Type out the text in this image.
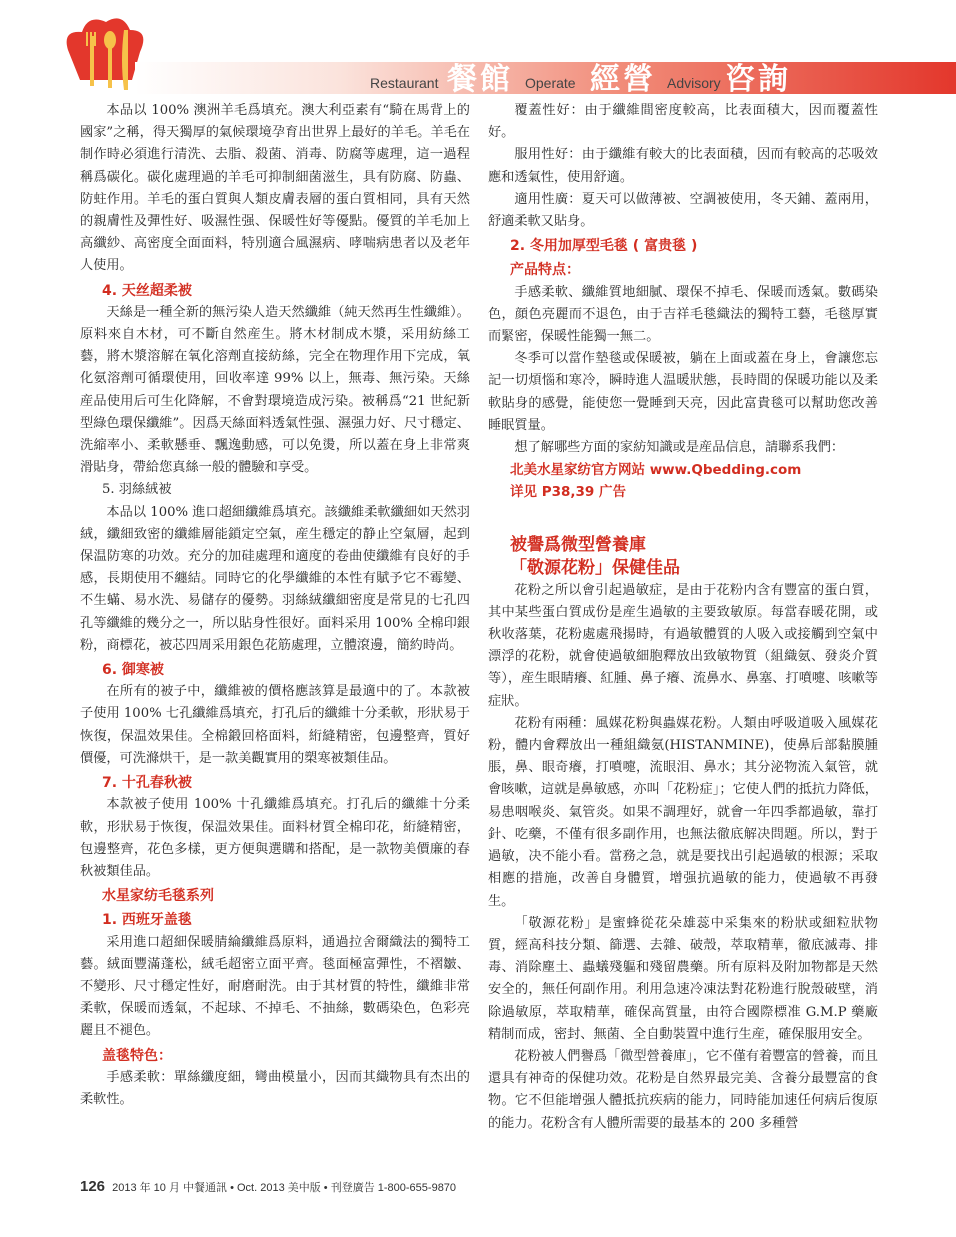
Restaurant 餐館 Operate 經營 Advisory 咨詢

本品以 100% 澳洲羊毛爲填充。澳大利亞素有“騎在馬背上的國家”之稱，得天獨厚的氣候環境孕育出世界上最好的羊毛。羊毛在制作時必須進行清洗、去脂、殺菌、消毒、防腐等處理，這一過程稱爲碳化。碳化處理過的羊毛可抑制細菌滋生，具有防腐、防蟲、防蛀作用。羊毛的蛋白質與人類皮膚表層的蛋白質相同，具有天然的親膚性及彈性好、吸濕性强、保暖性好等優點。優質的羊毛加上高纖紗、高密度全面面料，特別適合風濕病、哮喘病患者以及老年人使用。

4. 天丝超柔被

天絲是一種全新的無污染人造天然纖維（純天然再生性纖維）。原料來自木材，可不斷自然産生。將木材制成木漿，采用紡絲工藝，將木漿溶解在氧化溶劑直接紡絲，完全在物理作用下完成，氧化氨溶劑可循環使用，回收率達 99% 以上，無毒、無污染。天絲産品使用后可生化降解，不會對環境造成污染。被稱爲“21 世紀新型綠色環保纖維”。因爲天絲面料透氣性强、濕强力好、尺寸穩定、洗縮率小、柔軟懸垂、飄逸動感，可以免燙，所以蓋在身上非常爽滑貼身，帶給您真絲一般的體驗和享受。

5. 羽絲絨被

本品以 100% 進口超細纖維爲填充。該纖維柔軟纖細如天然羽絨，纖細致密的纖維層能鎖定空氣，産生穩定的静止空氣層，起到保温防寒的功效。充分的加硅處理和適度的卷曲使纖維有良好的手感，長期使用不纏結。同時它的化學纖維的本性有賦予它不霉變、不生蟎、易水洗、易儲存的優勢。羽絲絨纖細密度是常見的七孔四孔等纖維的幾分之一，所以貼身性很好。面料采用 100% 全棉印銀粉，商標花，被芯四周采用銀色花筋處理，立體滾邊，簡約時尚。

6. 御寒被

在所有的被子中，纖維被的價格應該算是最適中的了。本款被子使用 100% 七孔纖維爲填充，打孔后的纖維十分柔軟，形狀易于恢復，保温效果佳。全棉鍛回格面料，絎縫精密，包邊整齊，質好價優，可洗滌烘干，是一款美觀實用的槊寒被類佳品。

7. 十孔春秋被

本款被子使用 100% 十孔纖維爲填充。打孔后的纖維十分柔軟，形狀易于恢復，保温效果佳。面料材質全棉印花，絎縫精密，包邊整齊，花色多樣，更方便與選購和搭配，是一款物美價廉的春秋被類佳品。

水星家纺毛毯系列
1. 西班牙盖毯

采用進口超細保暖腈綸纖維爲原料，通過拉舍爾織法的獨特工藝。絨面豐滿蓬松，絨毛超密立面平齊。毯面極富彈性，不褶皺、不變形、尺寸穩定性好，耐磨耐洗。由于其材質的特性，纖維非常柔軟，保暖而透氣，不起球、不掉毛、不抽絲，數碼染色，色彩亮麗且不褪色。

盖毯特色：

手感柔軟：單絲纖度細，彎曲模量小，因而其織物具有杰出的柔軟性。

覆蓋性好：由于纖維間密度較高，比表面積大，因而覆蓋性好。

服用性好：由于纖維有較大的比表面積，因而有較高的芯吸效應和透氣性，使用舒適。

適用性廣：夏天可以做薄被、空調被使用，冬天鋪、蓋兩用，舒適柔軟又貼身。

2. 冬用加厚型毛毯 ( 富贵毯 )
产品特点：

手感柔軟、纖維質地細膩、環保不掉毛、保暖而透氣。數碼染色，顔色亮麗而不退色，由于吉祥毛毯織法的獨特工藝，毛毯厚實而緊密，保暖性能獨一無二。

冬季可以當作墊毯或保暖被，躺在上面或蓋在身上，會讓您忘記一切煩惱和寒冷，瞬時進人温暖狀態，長時間的保暖功能以及柔軟貼身的感覺，能使您一覺睡到天亮，因此富貴毯可以幫助您改善睡眠質量。

想了解哪些方面的家紡知識或是産品信息，請聯系我們：

北美水星家纺官方网站 www.Qbedding.com

详见 P38,39 广告

被譽爲微型營養庫
「敬源花粉」保健佳品

花粉之所以會引起過敏症，是由于花粉内含有豐富的蛋白質，其中某些蛋白質成份是産生過敏的主要致敏原。每當春暖花開，或秋收落葉，花粉處處飛揚時，有過敏體質的人吸入或接觸到空氣中漂浮的花粉，就會使過敏細胞釋放出致敏物質（組織氨、發炎介質等），産生眼睛癢、紅腫、鼻子癢、流鼻水、鼻塞、打噴嚏、咳嗽等症狀。

花粉有兩種：風媒花粉與蟲媒花粉。人類由呼吸道吸入風媒花粉，體内會釋放出一種組織氨(HISTANMINE)，使鼻后部黏膜腫脹，鼻、眼奇癢，打噴嚏，流眼泪、鼻水；其分泌物流入氣管，就會咳嗽，這就是鼻敏感，亦叫「花粉症」；它使人們的抵抗力降低，易患咽喉炎、氣管炎。如果不調理好，就會一年四季都過敏，靠打針、吃藥，不僅有很多副作用，也無法徹底解决問題。所以，對于過敏，决不能小看。當務之急，就是要找出引起過敏的根源；采取相應的措施，改善自身體質，增强抗過敏的能力，使過敏不再發生。

「敬源花粉」是蜜蜂從花朵雄蕊中采集來的粉狀或細粒狀物質，經高科技分類、篩選、去雜、破殼，萃取精華，徹底滅毒、排毒、消除塵土、蟲蟻殘軀和殘留農藥。所有原料及附加物都是天然安全的，無任何副作用。利用急速冷凍法對花粉進行脫殼破壁，消除過敏原，萃取精華，確保高質量，由符合國際標准 G.M.P 藥廠精制而成，密封、無菌、全自動裝置中進行生産，確保服用安全。

花粉被人們譽爲「微型營養庫」，它不僅有着豐富的營養，而且還具有神奇的保健功效。花粉是自然界最完美、含養分最豐富的食物。它不但能增强人體抵抗疾病的能力，同時能加速任何病后復原的能力。花粉含有人體所需要的最基本的 200 多種營

126 2013 年 10 月 中餐通訊 • Oct. 2013 美中版 • 刊登廣告 1-800-655-9870
